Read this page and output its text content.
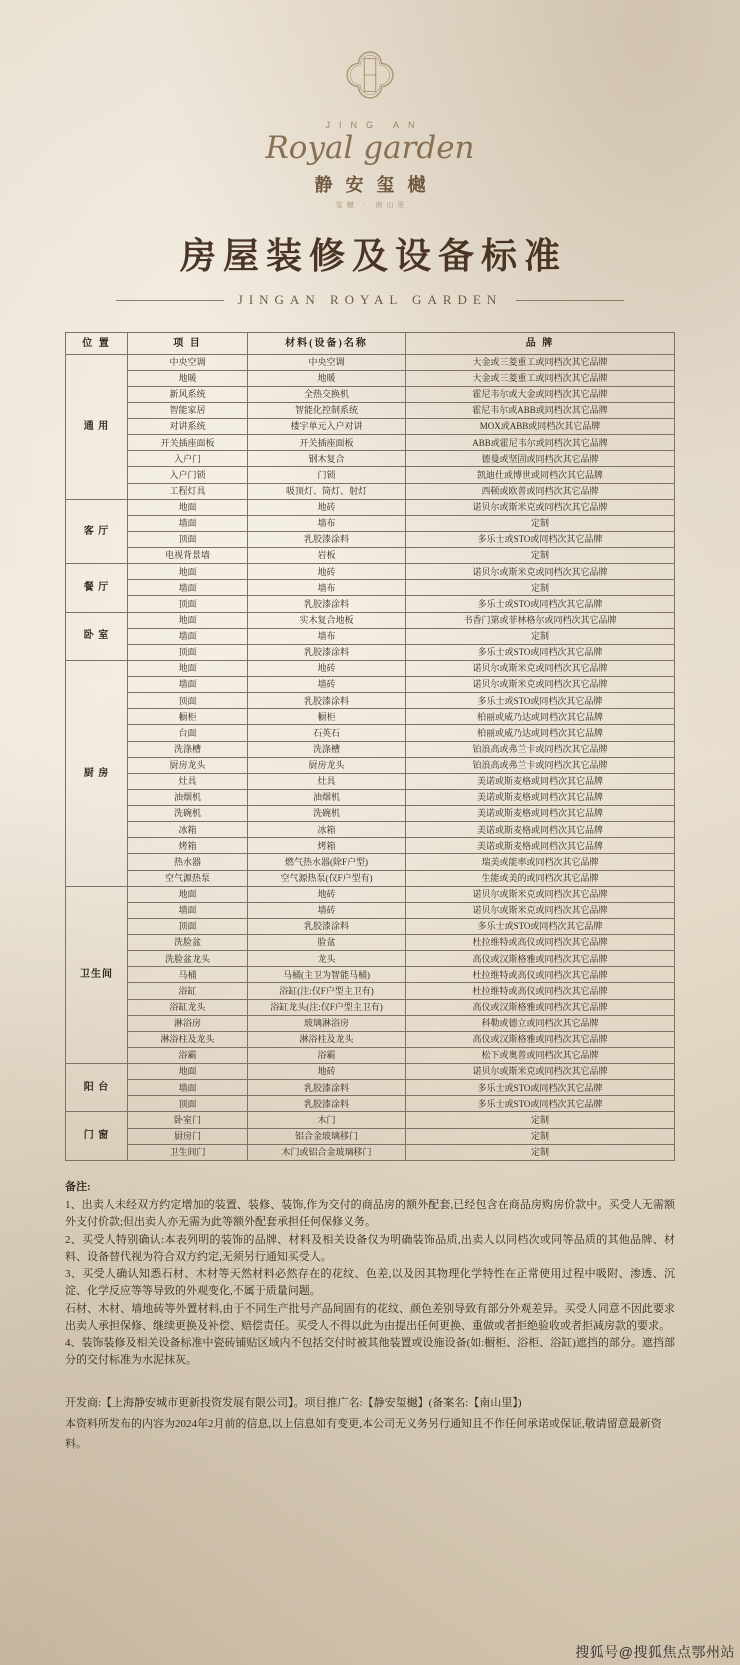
JING AN
Royal garden
静安玺樾
玺樾 · 南山里
房屋装修及设备标准
JINGAN ROYAL GARDEN
位 置	项 目	材料(设备)名称	品 牌
通 用	中央空调	中央空调	大金或三菱重工或同档次其它品牌
	地暖	地暖	大金或三菱重工或同档次其它品牌
	新风系统	全热交换机	霍尼韦尔或大金或同档次其它品牌
	智能家居	智能化控制系统	霍尼韦尔或ABB或同档次其它品牌
	对讲系统	楼宇单元入户对讲	MOX或ABB或同档次其它品牌
	开关插座面板	开关插座面板	ABB或霍尼韦尔或同档次其它品牌
	入户门	钢木复合	德曼或坚固或同档次其它品牌
	入户门锁	门锁	凯迪仕或博世或同档次其它品牌
	工程灯具	吸顶灯、筒灯、射灯	西顿或欧普或同档次其它品牌
客 厅	地面	地砖	诺贝尔或斯米克或同档次其它品牌
	墙面	墙布	定制
	顶面	乳胶漆涂料	多乐士或STO或同档次其它品牌
	电视背景墙	岩板	定制
餐 厅	地面	地砖	诺贝尔或斯米克或同档次其它品牌
	墙面	墙布	定制
	顶面	乳胶漆涂料	多乐士或STO或同档次其它品牌
卧 室	地面	实木复合地板	书香门第或菲林格尔或同档次其它品牌
	墙面	墙布	定制
	顶面	乳胶漆涂料	多乐士或STO或同档次其它品牌
厨 房	地面	地砖	诺贝尔或斯米克或同档次其它品牌
	墙面	墙砖	诺贝尔或斯米克或同档次其它品牌
	顶面	乳胶漆涂料	多乐士或STO或同档次其它品牌
	橱柜	橱柜	柏丽或威乃达或同档次其它品牌
	台面	石英石	柏丽或威乃达或同档次其它品牌
	洗涤槽	洗涤槽	铂浪高或弗兰卡或同档次其它品牌
	厨房龙头	厨房龙头	铂浪高或弗兰卡或同档次其它品牌
	灶具	灶具	美诺或斯麦格或同档次其它品牌
	油烟机	油烟机	美诺或斯麦格或同档次其它品牌
	洗碗机	洗碗机	美诺或斯麦格或同档次其它品牌
	冰箱	冰箱	美诺或斯麦格或同档次其它品牌
	烤箱	烤箱	美诺或斯麦格或同档次其它品牌
	热水器	燃气热水器(除F户型)	瑞美或能率或同档次其它品牌
	空气源热泵	空气源热泵(仅F户型有)	生能或美的或同档次其它品牌
卫生间	地面	地砖	诺贝尔或斯米克或同档次其它品牌
	墙面	墙砖	诺贝尔或斯米克或同档次其它品牌
	顶面	乳胶漆涂料	多乐士或STO或同档次其它品牌
	洗脸盆	脸盆	杜拉维特或高仪或同档次其它品牌
	洗脸盆龙头	龙头	高仪或汉斯格雅或同档次其它品牌
	马桶	马桶(主卫为智能马桶)	杜拉维特或高仪或同档次其它品牌
	浴缸	浴缸(注:仅F户型主卫有)	杜拉维特或高仪或同档次其它品牌
	浴缸龙头	浴缸龙头(注:仅F户型主卫有)	高仪或汉斯格雅或同档次其它品牌
	淋浴房	玻璃淋浴房	科勒或德立或同档次其它品牌
	淋浴柱及龙头	淋浴柱及龙头	高仪或汉斯格雅或同档次其它品牌
	浴霸	浴霸	松下或奥普或同档次其它品牌
阳 台	地面	地砖	诺贝尔或斯米克或同档次其它品牌
	墙面	乳胶漆涂料	多乐士或STO或同档次其它品牌
	顶面	乳胶漆涂料	多乐士或STO或同档次其它品牌
门 窗	卧室门	木门	定制
	厨房门	铝合金玻璃移门	定制
	卫生间门	木门或铝合金玻璃移门	定制
备注:
1、出卖人未经双方约定增加的装置、装修、装饰,作为交付的商品房的额外配套,已经包含在商品房购房价款中。买受人无需额外支付价款;但出卖人亦无需为此等额外配套承担任何保修义务。
2、买受人特别确认:本表列明的装饰的品牌、材料及相关设备仅为明确装饰品质,出卖人以同档次或同等品质的其他品牌、材料、设备替代视为符合双方约定,无须另行通知买受人。
3、买受人确认知悉石材、木材等天然材料必然存在的花纹、色差,以及因其物理化学特性在正常使用过程中吸附、渗透、沉淀、化学反应等等导致的外观变化,不属于质量问题。
石材、木材、墙地砖等外置材料,由于不同生产批号产品间固有的花纹、颜色差别导致有部分外观差异。买受人同意不因此要求出卖人承担保修、继续更换及补偿、赔偿责任。买受人不得以此为由提出任何更换、重做或者拒绝验收或者拒减房款的要求。
4、装饰装修及相关设备标准中瓷砖铺贴区域内不包括交付时被其他装置或设施设备(如:橱柜、浴柜、浴缸)遮挡的部分。遮挡部分的交付标准为水泥抹灰。
开发商:【上海静安城市更新投资发展有限公司】。项目推广名:【静安玺樾】(备案名:【南山里】)
本资料所发布的内容为2024年2月前的信息,以上信息如有变更,本公司无义务另行通知且不作任何承诺或保证,敬请留意最新资料。
搜狐号@搜狐焦点鄂州站
